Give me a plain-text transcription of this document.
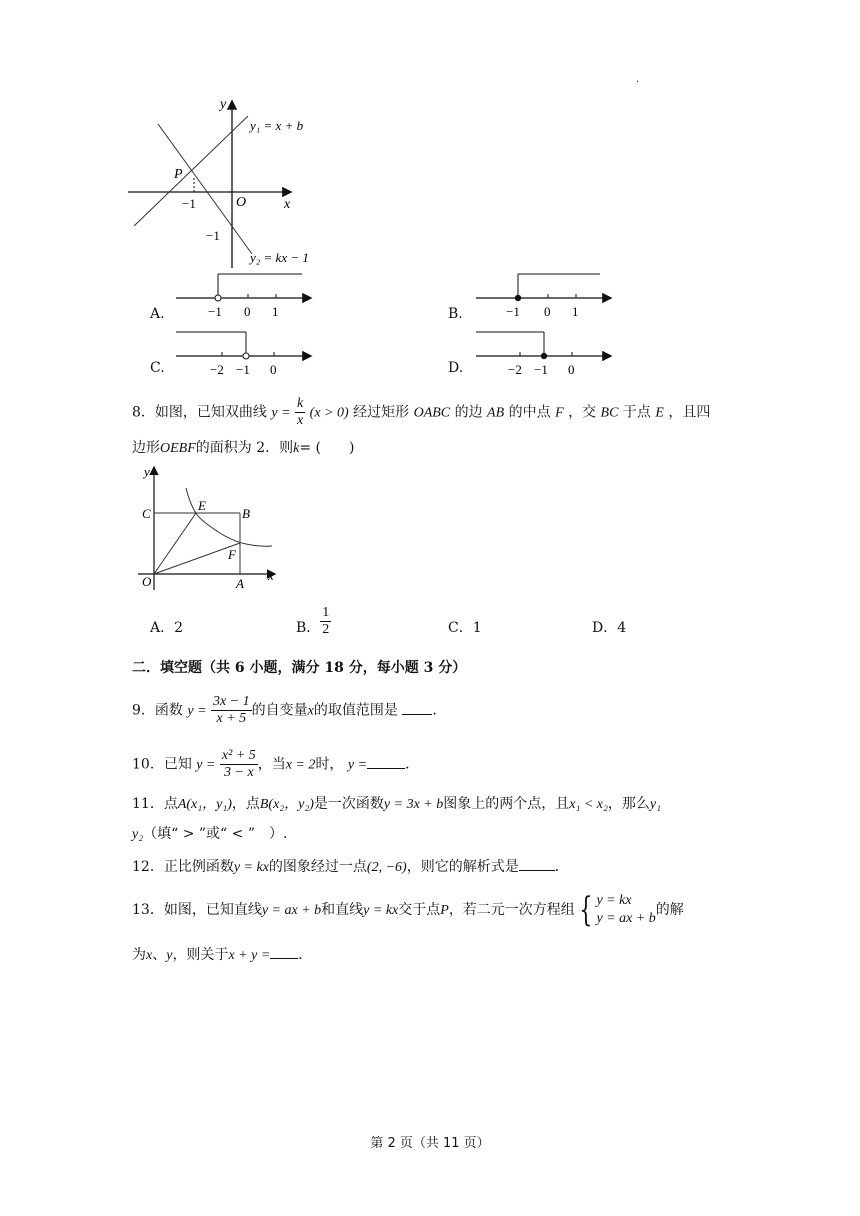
.
y
x
O
P
−1
−1
y₁ = x + b
y₂ = kx − 1
A.	−1 0 1	B.	−1 0 1
C.	−2 −1 0	D.	−2 −1 0
8．如图，已知双曲线 $y = \frac{k}{x} (x > 0)$ 经过矩形 OABC 的边 AB 的中点 F ，交 BC 于点 E ，且四
边形OEBF的面积为 2．则k= (　　)
y
x
C
E
B
F
O	A
A．2	B． $\frac{1}{2}$	C．1	D．4
二．填空题（共 6 小题，满分 18 分，每小题 3 分）
9．函数 $y = \frac{3x - 1}{x + 5}$ 的自变量x的取值范围是 ．
10．已知 $y = \frac{\text{x² + 5}}{3 - x}$ ，当x = 2时， y =	．
11．点A(x₁，y₁)，点B(x₂，y₂)是一次函数y = 3x + b图象上的两个点，且x₁ < x₂，那么y₁
y₂（填“ > ”或“ < ”　）.
12．正比例函数y = kx的图象经过一点(2, −6)，则它的解析式是	．
13．如图，已知直线y = ax + b和直线y = kx交于点P，若二元一次方程组 { y = kx
y = ax + b
的解
为x、y，则关于x + y = ．
第 2 页（共 11 页）
